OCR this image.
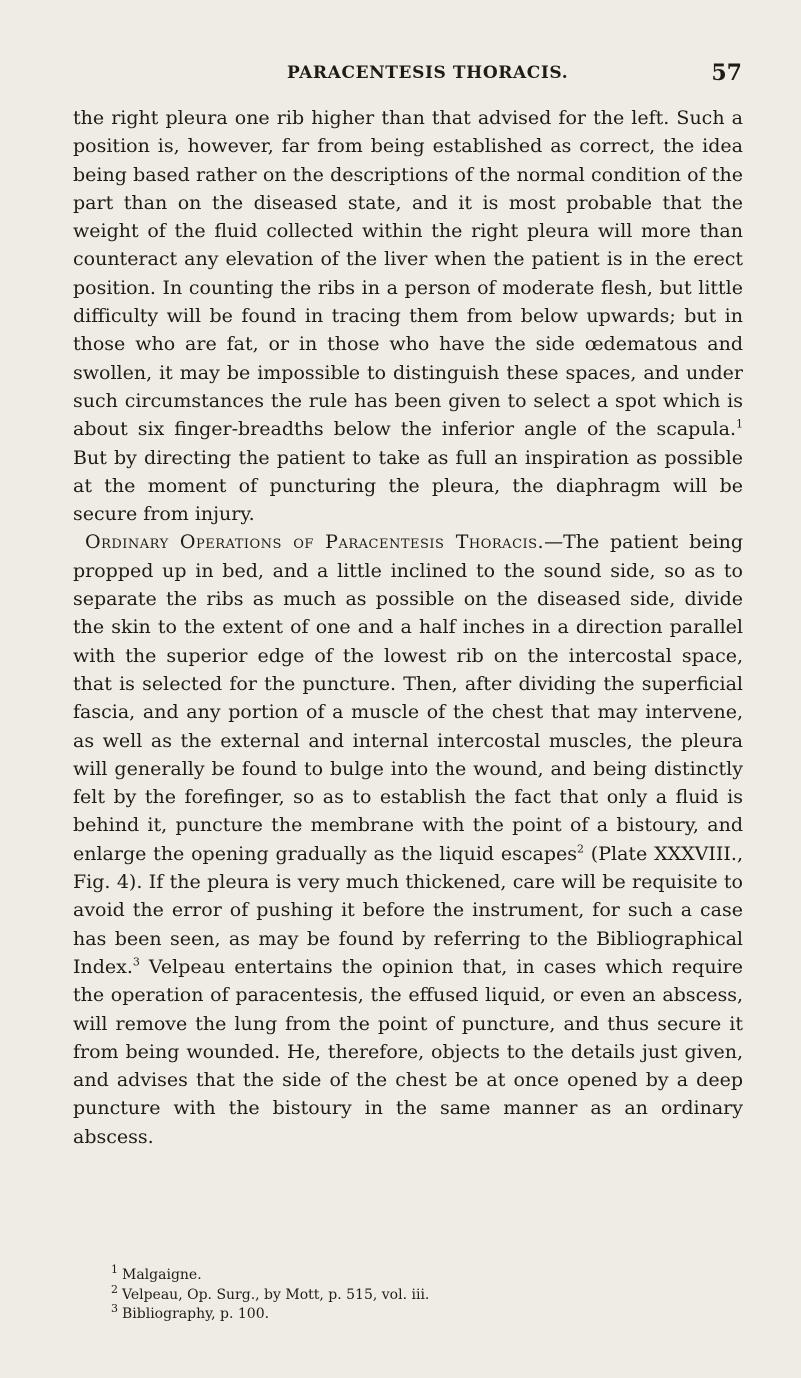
PARACENTESIS THORACIS.	57

the right pleura one rib higher than that advised for the left. Such a position is, however, far from being established as correct, the idea being based rather on the descriptions of the normal condition of the part than on the diseased state, and it is most probable that the weight of the fluid collected within the right pleura will more than counteract any elevation of the liver when the patient is in the erect position. In counting the ribs in a person of moderate flesh, but little difficulty will be found in tracing them from below upwards; but in those who are fat, or in those who have the side œdematous and swollen, it may be impossible to distinguish these spaces, and under such circumstances the rule has been given to select a spot which is about six finger-breadths below the inferior angle of the scapula.$^1$ But by directing the patient to take as full an inspiration as possible at the moment of puncturing the pleura, the diaphragm will be secure from injury.

Ordinary Operations of Paracentesis Thoracis.—The patient being propped up in bed, and a little inclined to the sound side, so as to separate the ribs as much as possible on the diseased side, divide the skin to the extent of one and a half inches in a direction parallel with the superior edge of the lowest rib on the intercostal space, that is selected for the puncture. Then, after dividing the superficial fascia, and any portion of a muscle of the chest that may intervene, as well as the external and internal intercostal muscles, the pleura will generally be found to bulge into the wound, and being distinctly felt by the forefinger, so as to establish the fact that only a fluid is behind it, puncture the membrane with the point of a bistoury, and enlarge the opening gradually as the liquid escapes$^2$ (Plate XXXVIII., Fig. 4). If the pleura is very much thickened, care will be requisite to avoid the error of pushing it before the instrument, for such a case has been seen, as may be found by referring to the Bibliographical Index.$^3$ Velpeau entertains the opinion that, in cases which require the operation of paracentesis, the effused liquid, or even an abscess, will remove the lung from the point of puncture, and thus secure it from being wounded. He, therefore, objects to the details just given, and advises that the side of the chest be at once opened by a deep puncture with the bistoury in the same manner as an ordinary abscess.

$^1$ Malgaigne.
$^2$ Velpeau, Op. Surg., by Mott, p. 515, vol. iii.
$^3$ Bibliography, p. 100.
